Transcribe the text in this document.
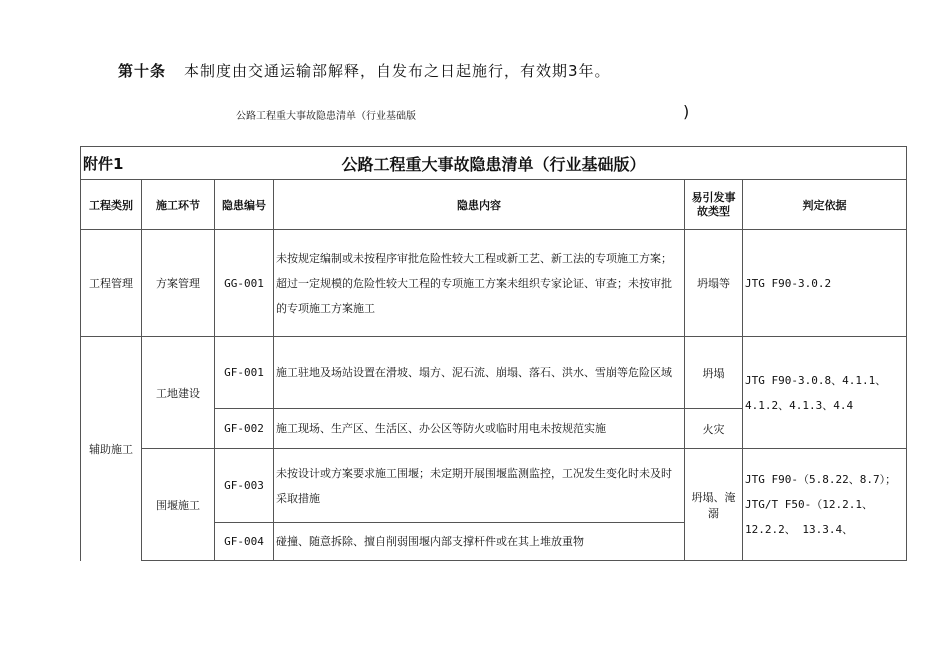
第十条 本制度由交通运输部解释，自发布之日起施行，有效期3年。
公路工程重大事故隐患清单（行业基础版	)
附件1 公路工程重大事故隐患清单（行业基础版）					

工程类别	施工环节	隐患编号	隐患内容	易引发事故类型	判定依据
工程管理	方案管理	GG-001	未按规定编制或未按程序审批危险性较大工程或新工艺、新工法的专项施工方案；超过一定规模的危险性较大工程的专项施工方案未组织专家论证、审查；未按审批的专项施工方案施工	坍塌等	JTG F90-3.0.2
辅助施工	工地建设	GF-001	施工驻地及场站设置在滑坡、塌方、泥石流、崩塌、落石、洪水、雪崩等危险区域	坍塌	JTG F90-3.0.8、4.1.1、4.1.2、4.1.3、4.4
		GF-002	施工现场、生产区、生活区、办公区等防火或临时用电未按规范实施	火灾	
	围堰施工	GF-003	未按设计或方案要求施工围堰；未定期开展围堰监测监控，工况发生变化时未及时采取措施	坍塌、淹溺	JTG F90-（5.8.22、8.7）；JTG/T F50-（12.2.1、12.2.2、 13.3.4、
		GF-004	碰撞、随意拆除、擅自削弱围堰内部支撑杆件或在其上堆放重物		
